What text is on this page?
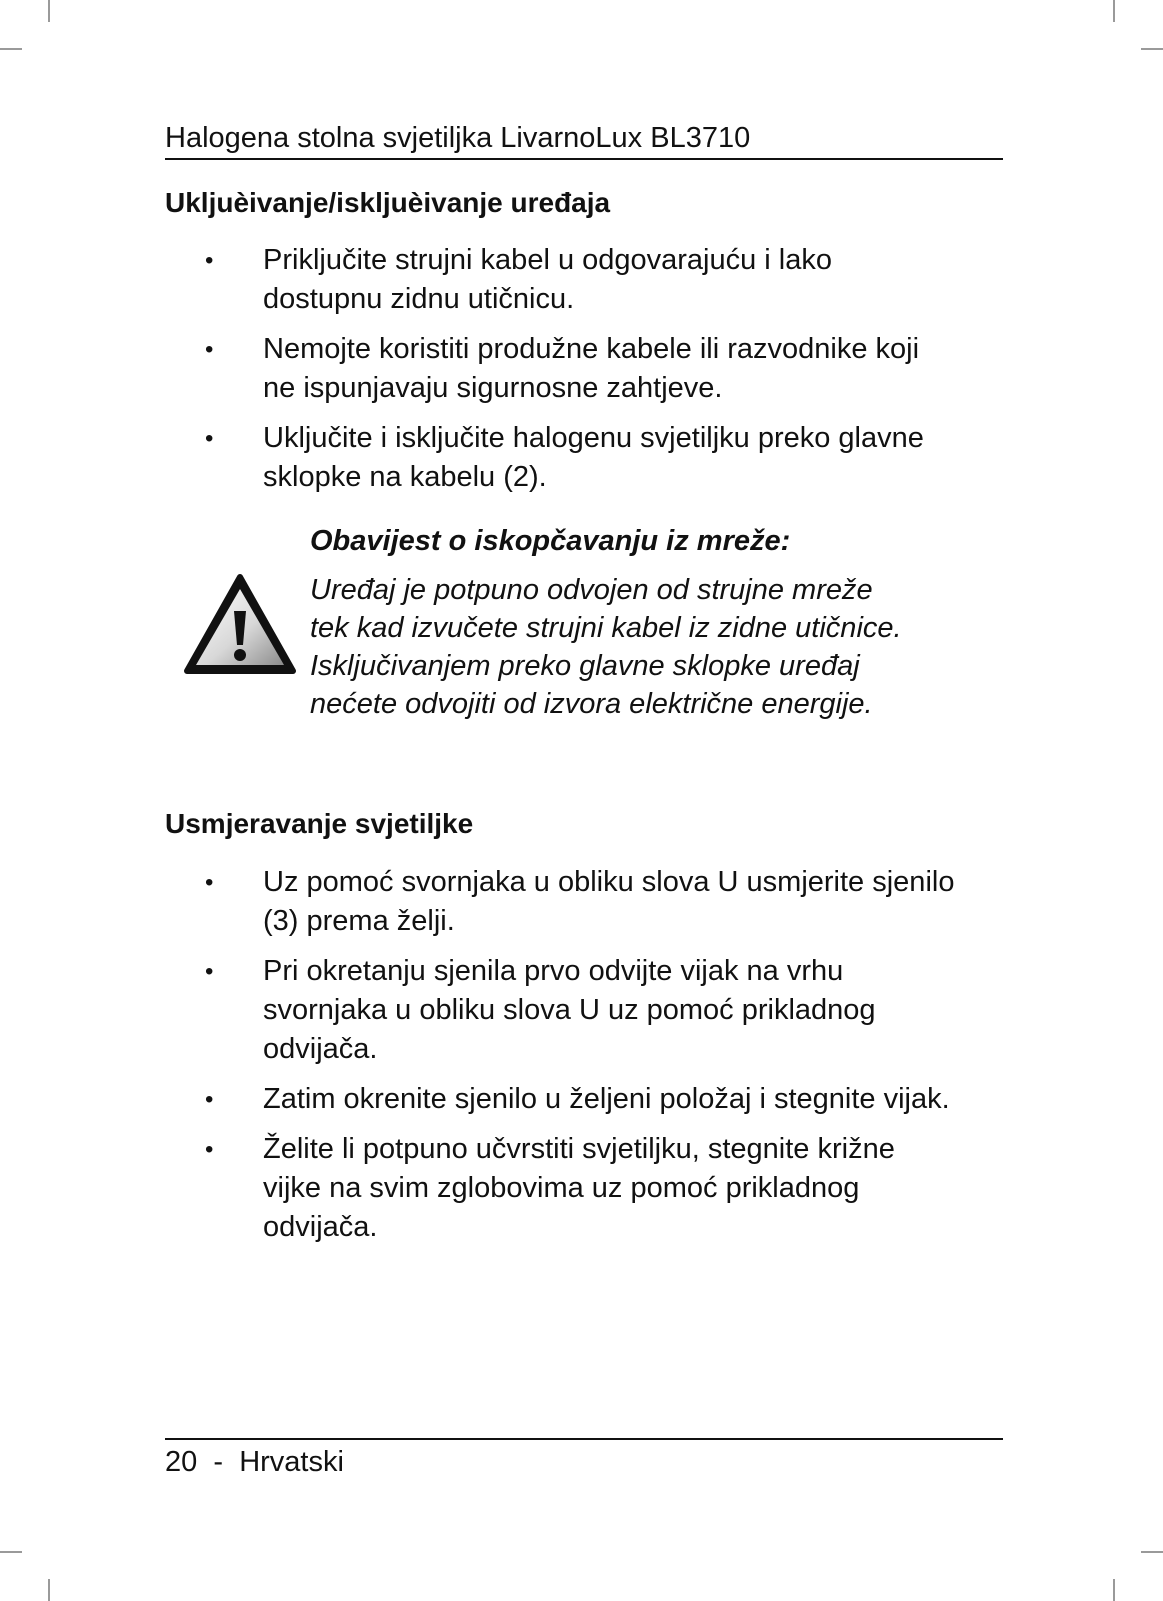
Halogena stolna svjetiljka LivarnoLux BL3710
Ukljuèivanje/iskljuèivanje uređaja
• Priključite strujni kabel u odgovarajuću i lako
dostupnu zidnu utičnicu.
• Nemojte koristiti produžne kabele ili razvodnike koji
ne ispunjavaju sigurnosne zahtjeve.
• Uključite i isključite halogenu svjetiljku preko glavne
sklopke na kabelu (2).
Obavijest o iskopčavanju iz mreže:
Uređaj je potpuno odvojen od strujne mreže
tek kad izvučete strujni kabel iz zidne utičnice.
Isključivanjem preko glavne sklopke uređaj
nećete odvojiti od izvora električne energije.
Usmjeravanje svjetiljke
• Uz pomoć svornjaka u obliku slova U usmjerite sjenilo
(3) prema želji.
• Pri okretanju sjenila prvo odvijte vijak na vrhu
svornjaka u obliku slova U uz pomoć prikladnog
odvijača.
• Zatim okrenite sjenilo u željeni položaj i stegnite vijak.
• Želite li potpuno učvrstiti svjetiljku, stegnite križne
vijke na svim zglobovima uz pomoć prikladnog
odvijača.
20 - Hrvatski
